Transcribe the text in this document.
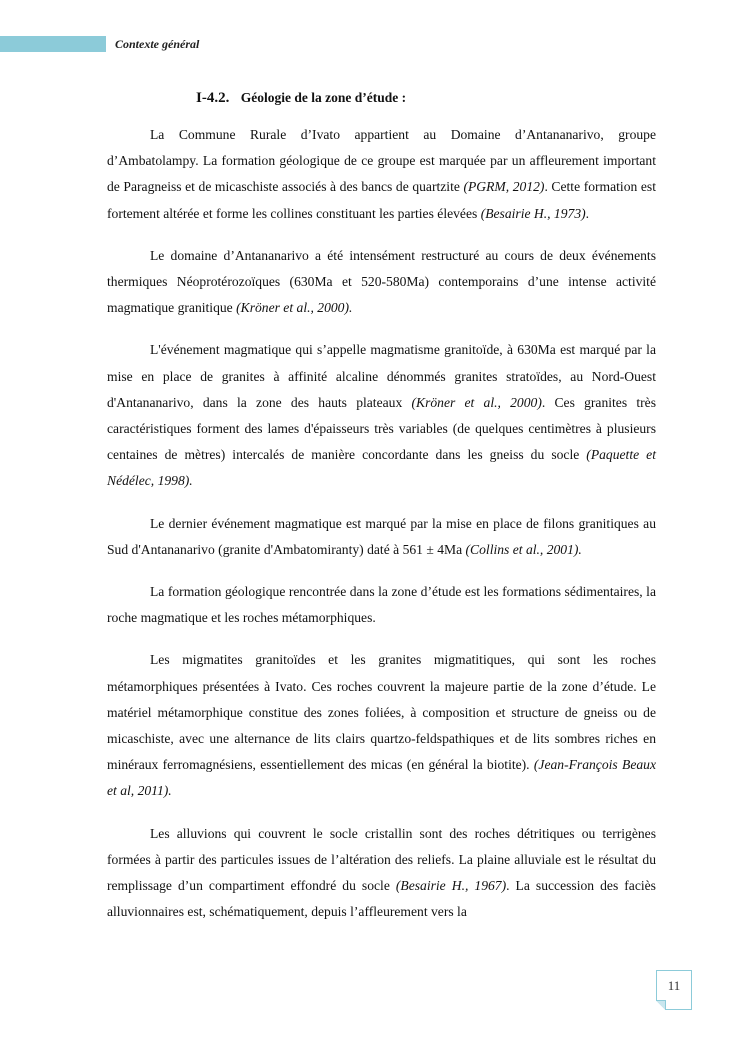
Contexte général
I-4.2. Géologie de la zone d’étude :

La Commune Rurale d’Ivato appartient au Domaine d’Antananarivo, groupe d’Ambatolampy. La formation géologique de ce groupe est marquée par un affleurement important de Paragneiss et de micaschiste associés à des bancs de quartzite (PGRM, 2012). Cette formation est fortement altérée et forme les collines constituant les parties élevées (Besairie H., 1973).

Le domaine d’Antananarivo a été intensément restructuré au cours de deux événements thermiques Néoprotérozoïques (630Ma et 520-580Ma) contemporains d’une intense activité magmatique granitique (Kröner et al., 2000).

L'événement magmatique qui s’appelle magmatisme granitoïde, à 630Ma est marqué par la mise en place de granites à affinité alcaline dénommés granites stratoïdes, au Nord-Ouest d'Antananarivo, dans la zone des hauts plateaux (Kröner et al., 2000). Ces granites très caractéristiques forment des lames d'épaisseurs très variables (de quelques centimètres à plusieurs centaines de mètres) intercalés de manière concordante dans les gneiss du socle (Paquette et Nédélec, 1998).

Le dernier événement magmatique est marqué par la mise en place de filons granitiques au Sud d'Antananarivo (granite d'Ambatomiranty) daté à 561 ± 4Ma (Collins et al., 2001).

La formation géologique rencontrée dans la zone d’étude est les formations sédimentaires, la roche magmatique et les roches métamorphiques.

Les migmatites granitoïdes et les granites migmatitiques, qui sont les roches métamorphiques présentées à Ivato. Ces roches couvrent la majeure partie de la zone d’étude. Le matériel métamorphique constitue des zones foliées, à composition et structure de gneiss ou de micaschiste, avec une alternance de lits clairs quartzo-feldspathiques et de lits sombres riches en minéraux ferromagnésiens, essentiellement des micas (en général la biotite). (Jean-François Beaux et al, 2011).

Les alluvions qui couvrent le socle cristallin sont des roches détritiques ou terrigènes formées à partir des particules issues de l’altération des reliefs. La plaine alluviale est le résultat du remplissage d’un compartiment effondré du socle (Besairie H., 1967). La succession des faciès alluvionnaires est, schématiquement, depuis l’affleurement vers la

11
